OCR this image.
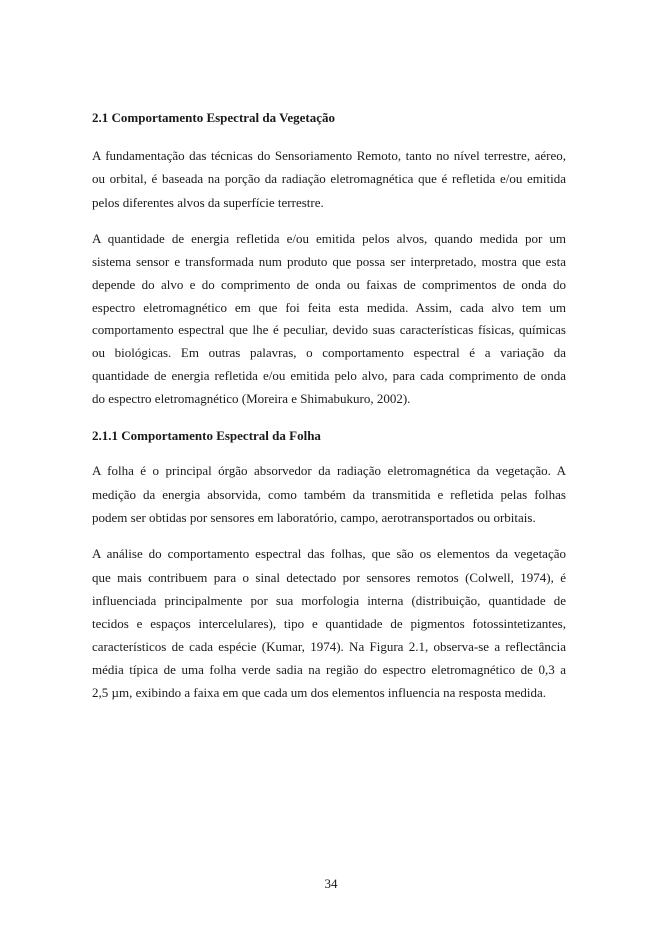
2.1 Comportamento Espectral da Vegetação
A fundamentação das técnicas do Sensoriamento Remoto, tanto no nível terrestre, aéreo,
ou orbital, é baseada na porção da radiação eletromagnética que é refletida e/ou emitida
pelos diferentes alvos da superfície terrestre.
A quantidade de energia refletida e/ou emitida pelos alvos, quando medida por um
sistema sensor e transformada num produto que possa ser interpretado, mostra que esta
depende do alvo e do comprimento de onda ou faixas de comprimentos de onda do
espectro eletromagnético em que foi feita esta medida. Assim, cada alvo tem um
comportamento espectral que lhe é peculiar, devido suas características físicas, químicas
ou biológicas. Em outras palavras, o comportamento espectral é a variação da
quantidade de energia refletida e/ou emitida pelo alvo, para cada comprimento de onda
do espectro eletromagnético (Moreira e Shimabukuro, 2002).
2.1.1 Comportamento Espectral da Folha
A folha é o principal órgão absorvedor da radiação eletromagnética da vegetação. A
medição da energia absorvida, como também da transmitida e refletida pelas folhas
podem ser obtidas por sensores em laboratório, campo, aerotransportados ou orbitais.
A análise do comportamento espectral das folhas, que são os elementos da vegetação
que mais contribuem para o sinal detectado por sensores remotos (Colwell, 1974), é
influenciada principalmente por sua morfologia interna (distribuição, quantidade de
tecidos e espaços intercelulares), tipo e quantidade de pigmentos fotossintetizantes,
característicos de cada espécie (Kumar, 1974). Na Figura 2.1, observa-se a reflectância
média típica de uma folha verde sadia na região do espectro eletromagnético de 0,3 a
2,5 µm, exibindo a faixa em que cada um dos elementos influencia na resposta medida.
34
